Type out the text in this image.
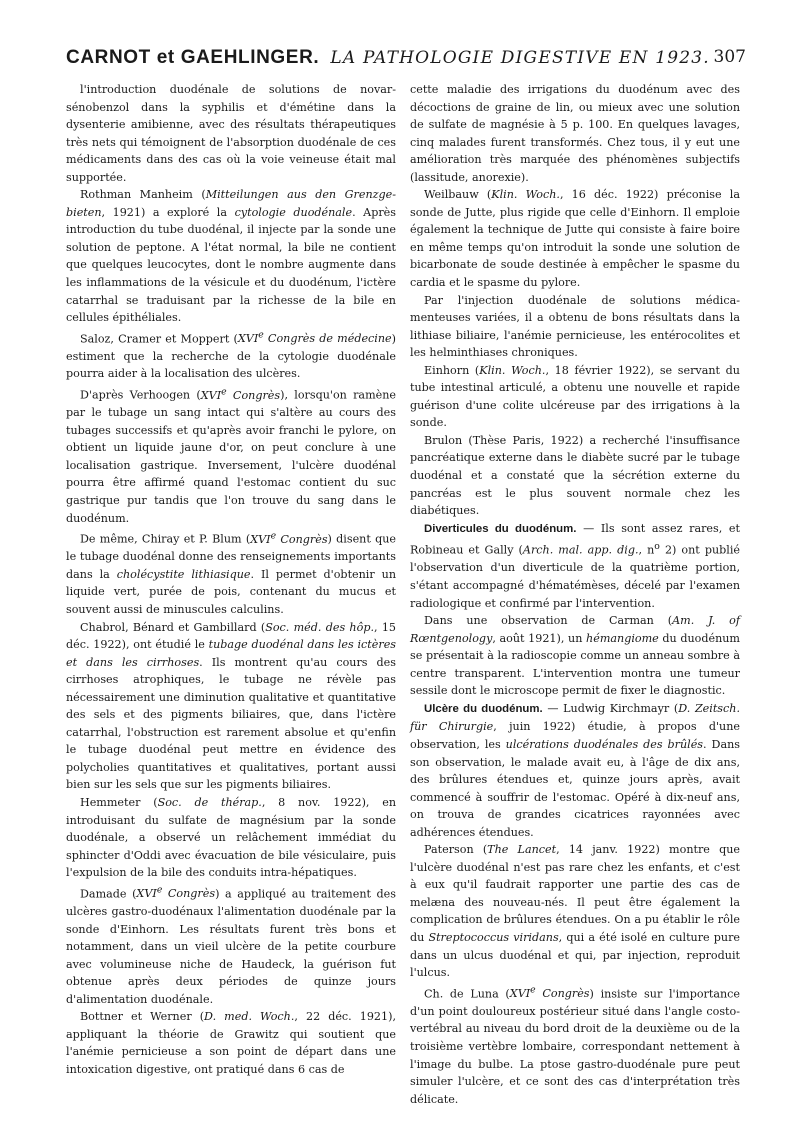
CARNOT et GAEHLINGER. LA PATHOLOGIE DIGESTIVE EN 1923. 307

l'introduction duodénale de solutions de novarsénobenzol dans la syphilis et d'émétine dans la dysenterie amibienne, avec des résultats thérapeutiques très nets qui témoignent de l'absorption duodénale de ces médicaments dans des cas où la voie veineuse était mal supportée.

Rothman Manheim (Mitteilungen aus den Grenzgebieten, 1921) a exploré la cytologie duodénale. Après introduction du tube duodénal, il injecte par la sonde une solution de peptone. A l'état normal, la bile ne contient que quelques leucocytes, dont le nombre augmente dans les inflammations de la vésicule et du duodénum, l'ictère catarrhal se traduisant par la richesse de la bile en cellules épithéliales.

Saloz, Cramer et Moppert (XVIe Congrès de médecine) estiment que la recherche de la cytologie duodénale pourra aider à la localisation des ulcères.

D'après Verhoogen (XVIe Congrès), lorsqu'on ramène par le tubage un sang intact qui s'altère au cours des tubages successifs et qu'après avoir franchi le pylore, on obtient un liquide jaune d'or, on peut conclure à une localisation gastrique. Inversement, l'ulcère duodénal pourra être affirmé quand l'estomac contient du suc gastrique pur tandis que l'on trouve du sang dans le duodénum.

De même, Chiray et P. Blum (XVIe Congrès) disent que le tubage duodénal donne des renseignements importants dans la cholécystite lithiasique. Il permet d'obtenir un liquide vert, purée de pois, contenant du mucus et souvent aussi de minuscules calculins.

Chabrol, Bénard et Gambillard (Soc. méd. des hôp., 15 déc. 1922), ont étudié le tubage duodénal dans les ictères et dans les cirrhoses. Ils montrent qu'au cours des cirrhoses atrophiques, le tubage ne révèle pas nécessairement une diminution qualitative et quantitative des sels et des pigments biliaires, que, dans l'ictère catarrhal, l'obstruction est rarement absolue et qu'enfin le tubage duodénal peut mettre en évidence des polycholies quantitatives et qualitatives, portant aussi bien sur les sels que sur les pigments biliaires.

Hemmeter (Soc. de thérap., 8 nov. 1922), en introduisant du sulfate de magnésium par la sonde duodénale, a observé un relâchement immédiat du sphincter d'Oddi avec évacuation de bile vésiculaire, puis l'expulsion de la bile des conduits intra-hépatiques.

Damade (XVIe Congrès) a appliqué au traitement des ulcères gastro-duodénaux l'alimentation duodénale par la sonde d'Einhorn. Les résultats furent très bons et notamment, dans un vieil ulcère de la petite courbure avec volumineuse niche de Haudeck, la guérison fut obtenue après deux périodes de quinze jours d'alimentation duodénale.

Bottner et Werner (D. med. Woch., 22 déc. 1921), appliquant la théorie de Grawitz qui soutient que l'anémie pernicieuse a son point de départ dans une intoxication digestive, ont pratiqué dans 6 cas de

cette maladie des irrigations du duodénum avec des décoctions de graine de lin, ou mieux avec une solution de sulfate de magnésie à 5 p. 100. En quelques lavages, cinq malades furent transformés. Chez tous, il y eut une amélioration très marquée des phénomènes subjectifs (lassitude, anorexie).

Weilbauw (Klin. Woch., 16 déc. 1922) préconise la sonde de Jutte, plus rigide que celle d'Einhorn. Il emploie également la technique de Jutte qui consiste à faire boire en même temps qu'on introduit la sonde une solution de bicarbonate de soude destinée à empêcher le spasme du cardia et le spasme du pylore.

Par l'injection duodénale de solutions médicamenteuses variées, il a obtenu de bons résultats dans la lithiase biliaire, l'anémie pernicieuse, les entérocolites et les helminthiases chroniques.

Einhorn (Klin. Woch., 18 février 1922), se servant du tube intestinal articulé, a obtenu une nouvelle et rapide guérison d'une colite ulcéreuse par des irrigations à la sonde.

Brulon (Thèse Paris, 1922) a recherché l'insuffisance pancréatique externe dans le diabète sucré par le tubage duodénal et a constaté que la sécrétion externe du pancréas est le plus souvent normale chez les diabétiques.

Diverticules du duodénum. — Ils sont assez rares, et Robineau et Gally (Arch. mal. app. dig., $n^o$ 2) ont publié l'observation d'un diverticule de la quatrième portion, s'étant accompagné d'hématémèses, décelé par l'examen radiologique et confirmé par l'intervention.

Dans une observation de Carman (Am. J. of Rœntgenology, août 1921), un hémangiome du duodénum se présentait à la radioscopie comme un anneau sombre à centre transparent. L'intervention montra une tumeur sessile dont le microscope permit de fixer le diagnostic.

Ulcère du duodénum. — Ludwig Kirchmayr (D. Zeitsch. für Chirurgie, juin 1922) étudie, à propos d'une observation, les ulcérations duodénales des brûlés. Dans son observation, le malade avait eu, à l'âge de dix ans, des brûlures étendues et, quinze jours après, avait commencé à souffrir de l'estomac. Opéré à dix-neuf ans, on trouva de grandes cicatrices rayonnées avec adhérences étendues.

Paterson (The Lancet, 14 janv. 1922) montre que l'ulcère duodénal n'est pas rare chez les enfants, et c'est à eux qu'il faudrait rapporter une partie des cas de melæna des nouveau-nés. Il peut être également la complication de brûlures étendues. On a pu établir le rôle du Streptococcus viridans, qui a été isolé en culture pure dans un ulcus duodénal et qui, par injection, reproduit l'ulcus.

Ch. de Luna (XVIe Congrès) insiste sur l'importance d'un point douloureux postérieur situé dans l'angle costo-vertébral au niveau du bord droit de la deuxième ou de la troisième vertèbre lombaire, correspondant nettement à l'image du bulbe. La ptose gastro-duodénale pure peut simuler l'ulcère, et ce sont des cas d'interprétation très délicate.
